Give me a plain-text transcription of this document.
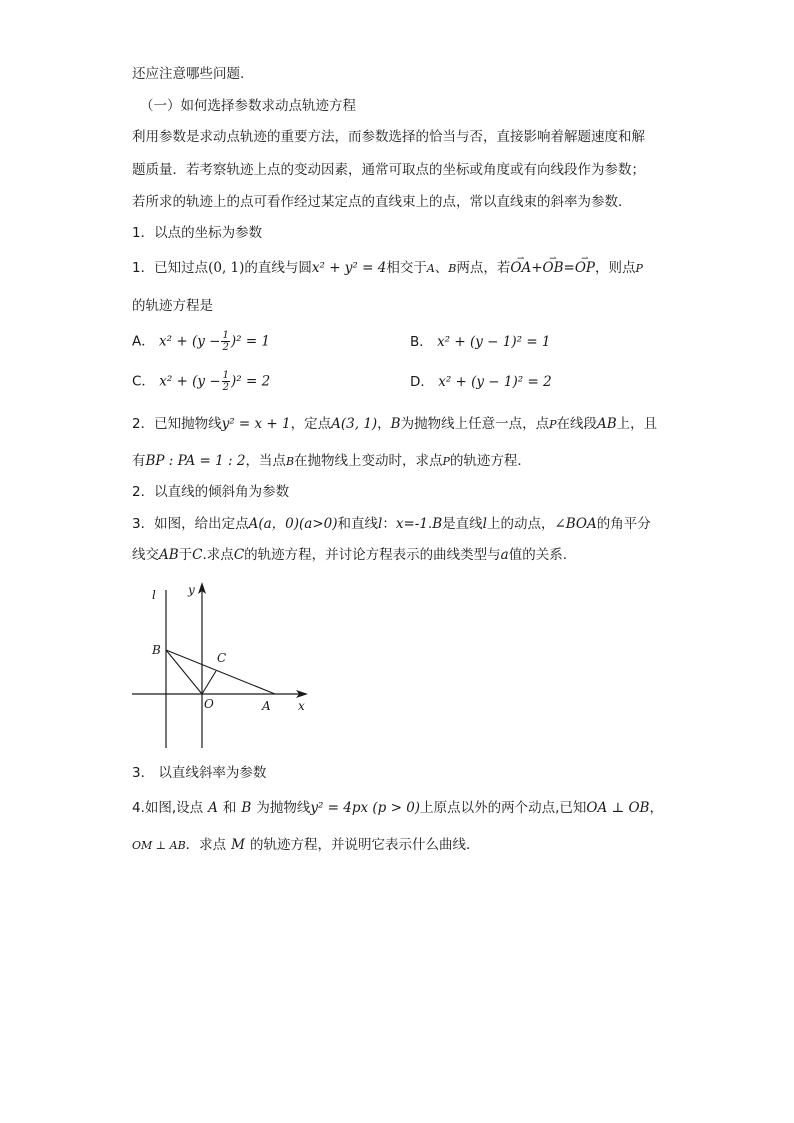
还应注意哪些问题.
（一）如何选择参数求动点轨迹方程
利用参数是求动点轨迹的重要方法，而参数选择的恰当与否，直接影响着解题速度和解
题质量．若考察轨迹上点的变动因素，通常可取点的坐标或角度或有向线段作为参数；
若所求的轨迹上的点可看作经过某定点的直线束上的点，常以直线束的斜率为参数．
1．以点的坐标为参数
1．已知过点(0, 1)的直线与圆x² + y² = 4相交于A、B两点，若⇀ OA+⇀ OB=⇀ OP，则点P
的轨迹方程是
A． $x^2 + (y - \frac{1}{2} )^2 = 1$	B． x² + (y − 1)² = 1
C． $x^2 + (y - \frac{1}{2} )^2 = 2$	D． x² + (y − 1)² = 2
2．已知抛物线y² = x + 1，定点A(3, 1)，B为抛物线上任意一点，点P在线段AB上，且
有BP : PA = 1 : 2，当点B在抛物线上变动时，求点P的轨迹方程．
2．以直线的倾斜角为参数
3．如图，给出定点A(a，0)(a>0)和直线l：x=-1.B是直线l上的动点，∠BOA的角平分
线交AB于C.求点C的轨迹方程，并讨论方程表示的曲线类型与a值的关系.
l	y
B
C
O	A x
3． 以直线斜率为参数
4.如图,设点 A 和 B 为抛物线y² = 4px (p > 0)上原点以外的两个动点,已知OA ⊥ OB，
OM ⊥ AB．求点 M 的轨迹方程，并说明它表示什么曲线．
